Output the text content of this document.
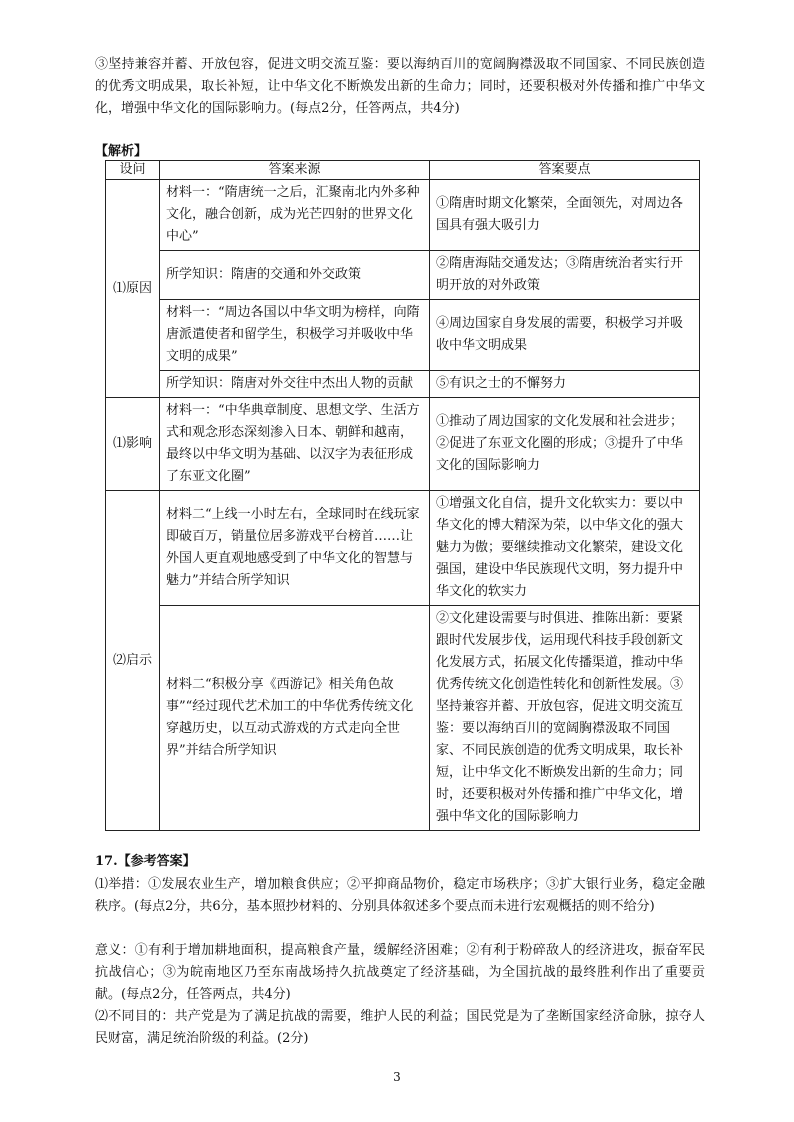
③坚持兼容并蓄、开放包容，促进文明交流互鉴：要以海纳百川的宽阔胸襟汲取不同国家、不同民族创造的优秀文明成果，取长补短，让中华文化不断焕发出新的生命力；同时，还要积极对外传播和推广中华文化，增强中华文化的国际影响力。(每点2分，任答两点，共4分)
【解析】
设问	答案来源	答案要点
⑴原因	材料一：“隋唐统一之后，汇聚南北内外多种文化，融合创新，成为光芒四射的世界文化中心”	①隋唐时期文化繁荣，全面领先，对周边各国具有强大吸引力
	所学知识：隋唐的交通和外交政策	②隋唐海陆交通发达；③隋唐统治者实行开明开放的对外政策
	材料一：“周边各国以中华文明为榜样，向隋唐派遣使者和留学生，积极学习并吸收中华文明的成果”	④周边国家自身发展的需要，积极学习并吸收中华文明成果
	所学知识：隋唐对外交往中杰出人物的贡献	⑤有识之士的不懈努力
⑴影响	材料一：“中华典章制度、思想文学、生活方式和观念形态深刻渗入日本、朝鲜和越南，最终以中华文明为基础、以汉字为表征形成了东亚文化圈”	①推动了周边国家的文化发展和社会进步；②促进了东亚文化圈的形成；③提升了中华文化的国际影响力
⑵启示	材料二“上线一小时左右，全球同时在线玩家即破百万，销量位居多游戏平台榜首……让外国人更直观地感受到了中华文化的智慧与魅力”并结合所学知识	①增强文化自信，提升文化软实力：要以中华文化的博大精深为荣，以中华文化的强大魅力为傲；要继续推动文化繁荣，建设文化强国，建设中华民族现代文明，努力提升中华文化的软实力
	材料二“积极分享《西游记》相关角色故事”“经过现代艺术加工的中华优秀传统文化穿越历史，以互动式游戏的方式走向全世界”并结合所学知识	②文化建设需要与时俱进、推陈出新：要紧跟时代发展步伐，运用现代科技手段创新文化发展方式，拓展文化传播渠道，推动中华优秀传统文化创造性转化和创新性发展。③坚持兼容并蓄、开放包容，促进文明交流互鉴：要以海纳百川的宽阔胸襟汲取不同国家、不同民族创造的优秀文明成果，取长补短，让中华文化不断焕发出新的生命力；同时，还要积极对外传播和推广中华文化，增强中华文化的国际影响力
17.【参考答案】
⑴举措：①发展农业生产，增加粮食供应；②平抑商品物价，稳定市场秩序；③扩大银行业务，稳定金融秩序。(每点2分，共6分，基本照抄材料的、分别具体叙述多个要点而未进行宏观概括的则不给分)
意义：①有利于增加耕地面积，提高粮食产量，缓解经济困难；②有利于粉碎敌人的经济进攻，振奋军民抗战信心；③为皖南地区乃至东南战场持久抗战奠定了经济基础，为全国抗战的最终胜利作出了重要贡献。(每点2分，任答两点，共4分)
⑵不同目的：共产党是为了满足抗战的需要，维护人民的利益；国民党是为了垄断国家经济命脉，掠夺人民财富，满足统治阶级的利益。(2分)
3
